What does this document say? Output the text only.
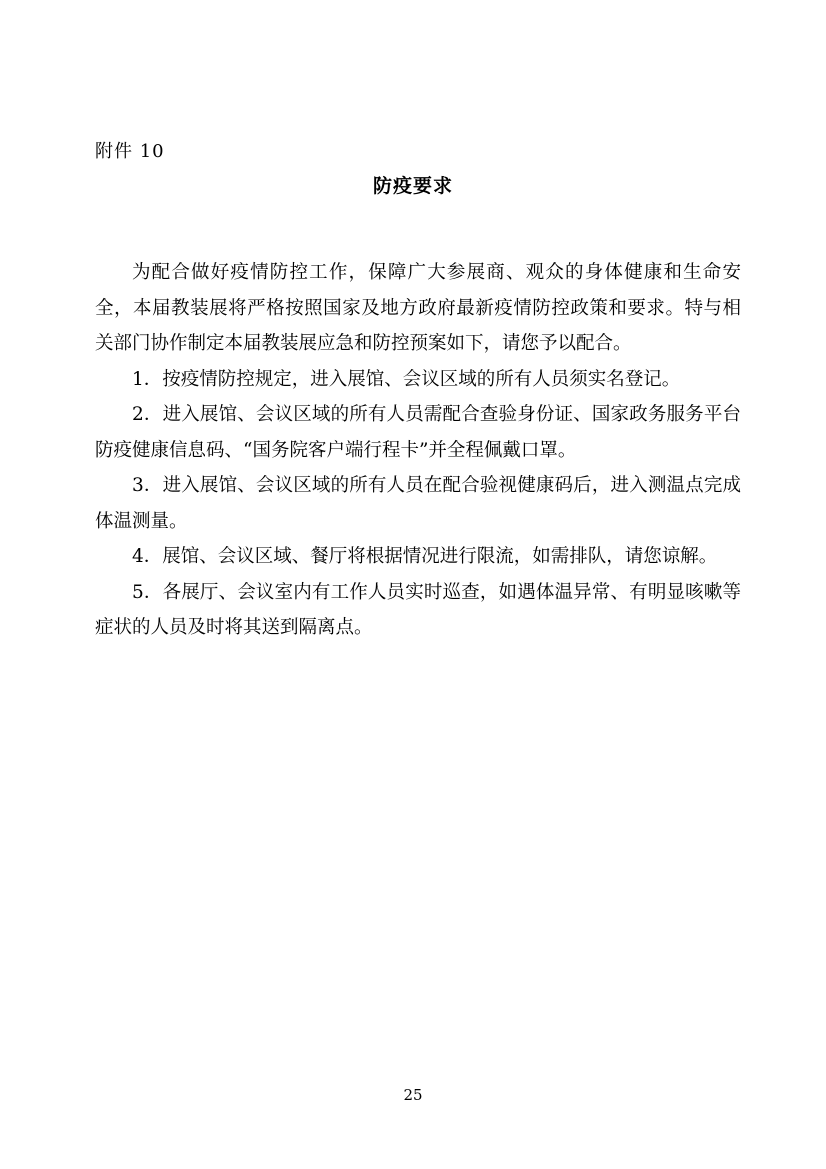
附件 10
防疫要求

为配合做好疫情防控工作，保障广大参展商、观众的身体健康和生命安全，本届教装展将严格按照国家及地方政府最新疫情防控政策和要求。特与相关部门协作制定本届教装展应急和防控预案如下，请您予以配合。

1．按疫情防控规定，进入展馆、会议区域的所有人员须实名登记。

2．进入展馆、会议区域的所有人员需配合查验身份证、国家政务服务平台防疫健康信息码、“国务院客户端行程卡”并全程佩戴口罩。

3．进入展馆、会议区域的所有人员在配合验视健康码后，进入测温点完成体温测量。

4．展馆、会议区域、餐厅将根据情况进行限流，如需排队，请您谅解。

5．各展厅、会议室内有工作人员实时巡查，如遇体温异常、有明显咳嗽等症状的人员及时将其送到隔离点。

25
